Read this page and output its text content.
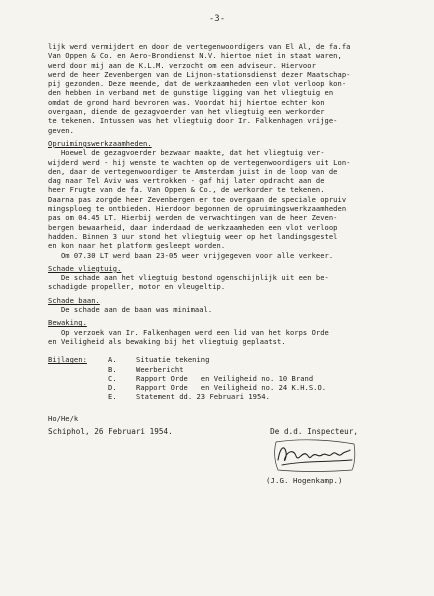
-3-
lijk werd vermijdert en door de vertegenwoordigers van El Al, de fa.fa
Van Oppen & Co. en Aero-Brondienst N.V. hiertoe niet in staat waren,
werd door mij aan de K.L.M. verzocht om een adviseur. Hiervoor
werd de heer Zevenbergen van de Lijnon-stationsdienst dezer Maatschap-
pij gezonden. Deze meende, dat de werkzaamheden een vlot verloop kon-
den hebben in verband met de gunstige ligging van het vliegtuig en
omdat de grond hard bevroren was. Voordat hij hiertoe echter kon
overgaan, diende de gezagvoerder van het vliegtuig een werkorder
te tekenen. Intussen was het vliegtuig door Ir. Falkenhagen vrijge-
geven.
Opruimingswerkzaamheden.
Hoewel de gezagvoerder bezwaar maakte, dat het vliegtuig ver-
wijderd werd - hij wenste te wachten op de vertegenwoordigers uit Lon-
den, daar de vertegenwoordiger te Amsterdam juist in de loop van de
dag naar Tel Aviv was vertrokken - gaf hij later opdracht aan de
heer Frugte van de fa. Van Oppen & Co., de werkorder te tekenen.
Daarna pas zorgde heer Zevenbergen er toe overgaan de speciale opruiv
mingsploeg te ontbieden. Hierdoor begonnen de opruimingswerkzaamheden
pas om 04.45 LT. Hierbij werden de verwachtingen van de heer Zeven-
bergen bewaarheid, daar inderdaad de werkzaamheden een vlot verloop
hadden. Binnen 3 uur stond het vliegtuig weer op het landingsgestel
en kon naar het platform gesleept worden.
Om 07.30 LT werd baan 23-05 weer vrijgegeven voor alle verkeer.
Schade vliegtuig.
De schade aan het vliegtuig bestond ogenschijnlijk uit een be-
schadigde propeller, motor en vleugeltip.
Schade baan.
De schade aan de baan was minimaal.
Bewaking.
Op verzoek van Ir. Falkenhagen werd een lid van het korps Orde
en Veiligheid als bewaking bij het vliegtuig geplaatst.
Bijlagen:	A.	Situatie tekening
B.	Weerbericht
C.	Rapport Orde   en Veiligheid no. 10 Brand
D.	Rapport Orde   en Veiligheid no. 24 K.H.S.O.
E.	Statement dd. 23 Februari 1954.
Ho/He/k
Schiphol, 26 Februari 1954.	De d.d. Inspecteur,
(J.G. Hogenkamp.)
